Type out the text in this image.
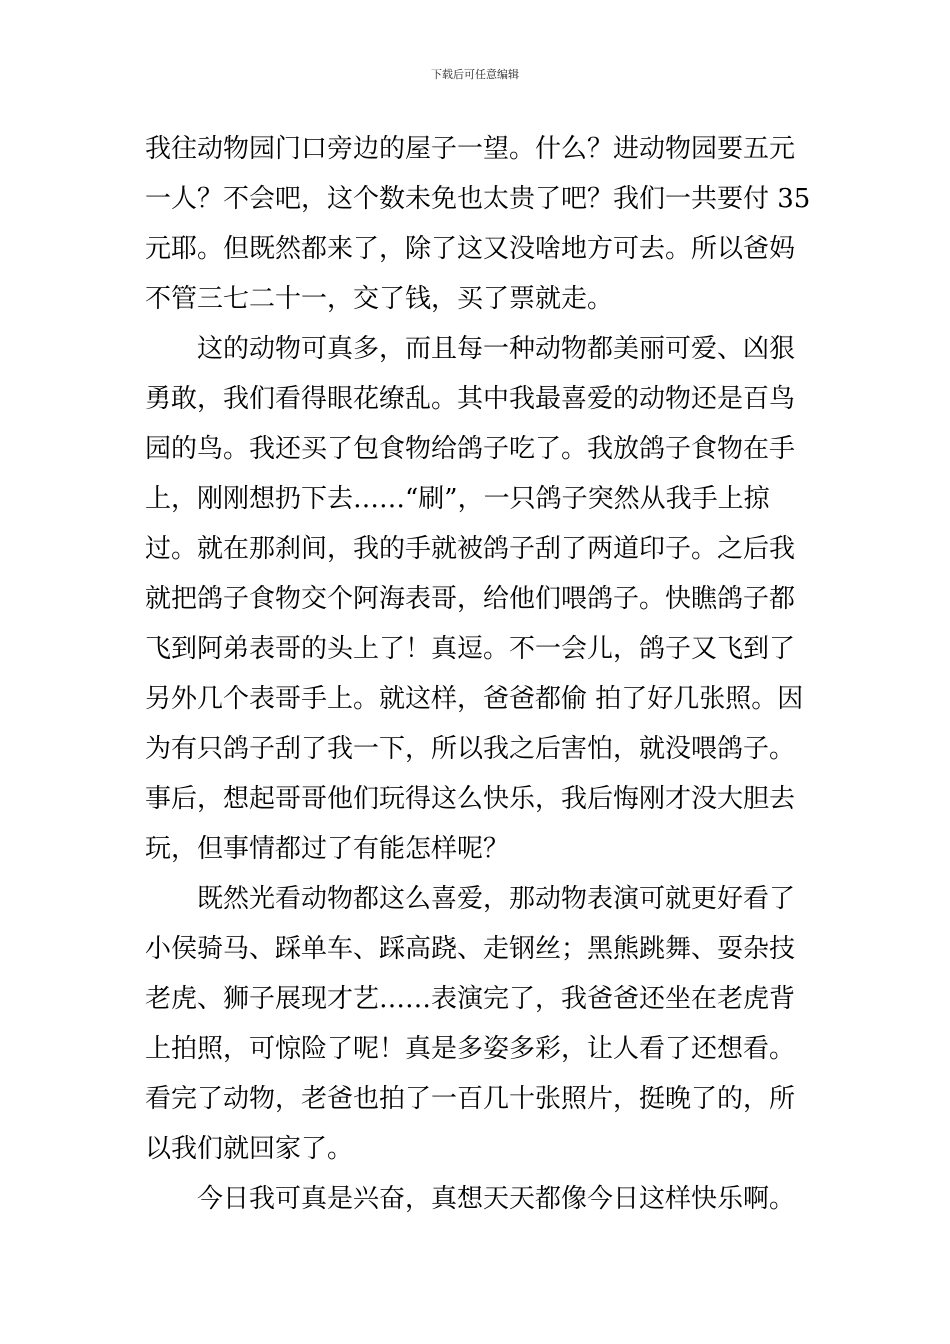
下载后可任意编辑
我往动物园门口旁边的屋子一望。什么？进动物园要五元
一人？不会吧，这个数未免也太贵了吧？我们一共要付 35
元耶。但既然都来了，除了这又没啥地方可去。所以爸妈
不管三七二十一，交了钱，买了票就走。
　　这的动物可真多，而且每一种动物都美丽可爱、凶狠
勇敢，我们看得眼花缭乱。其中我最喜爱的动物还是百鸟
园的鸟。我还买了包食物给鸽子吃了。我放鸽子食物在手
上，刚刚想扔下去……“刷”，一只鸽子突然从我手上掠
过。就在那刹间，我的手就被鸽子刮了两道印子。之后我
就把鸽子食物交个阿海表哥，给他们喂鸽子。快瞧鸽子都
飞到阿弟表哥的头上了！真逗。不一会儿，鸽子又飞到了
另外几个表哥手上。就这样，爸爸都偷 拍了好几张照。因
为有只鸽子刮了我一下，所以我之后害怕，就没喂鸽子。
事后，想起哥哥他们玩得这么快乐，我后悔刚才没大胆去
玩，但事情都过了有能怎样呢？
　　既然光看动物都这么喜爱，那动物表演可就更好看了
小侯骑马、踩单车、踩高跷、走钢丝；黑熊跳舞、耍杂技
老虎、狮子展现才艺……表演完了，我爸爸还坐在老虎背
上拍照，可惊险了呢！真是多姿多彩，让人看了还想看。
看完了动物，老爸也拍了一百几十张照片，挺晚了的，所
以我们就回家了。
　　今日我可真是兴奋，真想天天都像今日这样快乐啊。
